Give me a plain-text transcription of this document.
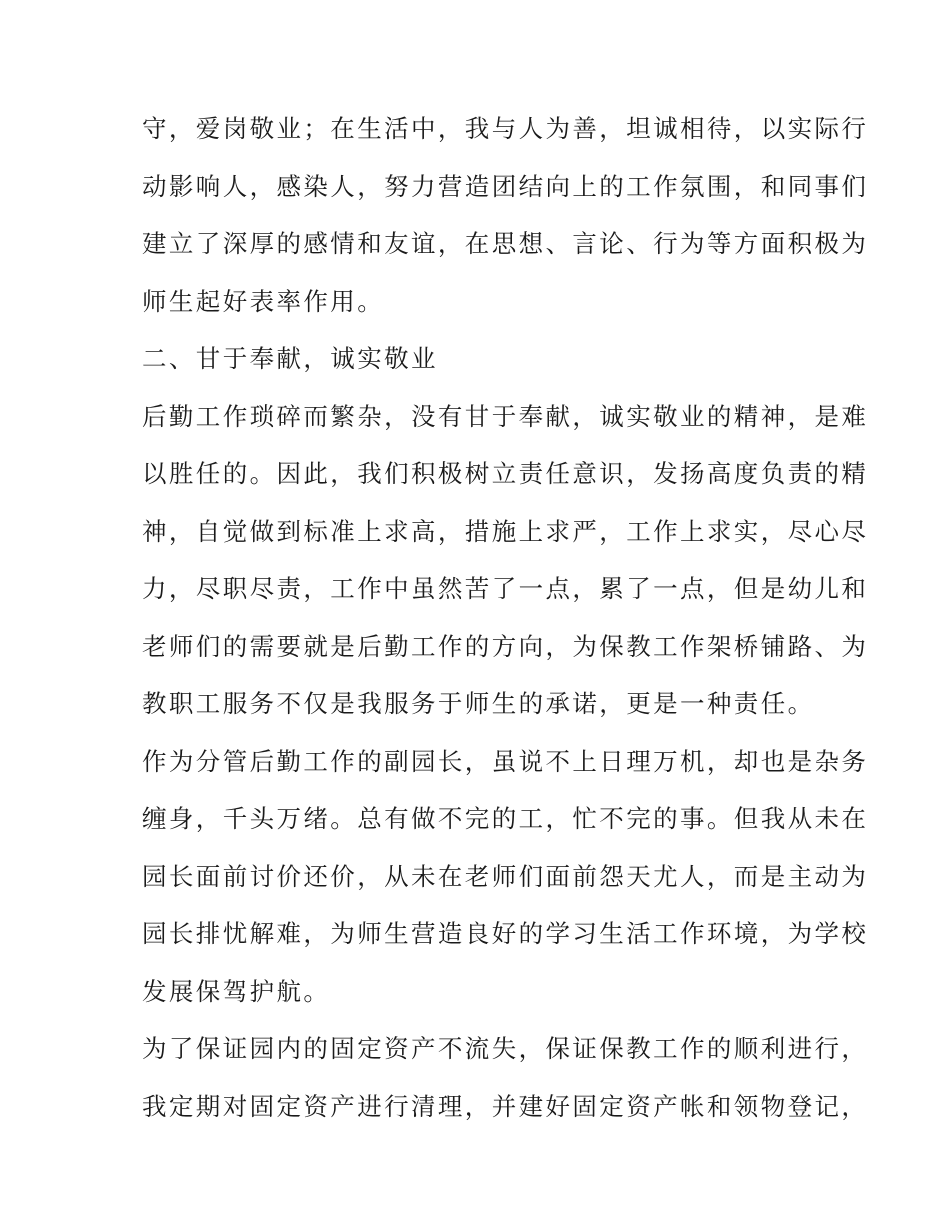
守，爱岗敬业；在生活中，我与人为善，坦诚相待，以实际行
动影响人，感染人，努力营造团结向上的工作氛围，和同事们
建立了深厚的感情和友谊，在思想、言论、行为等方面积极为
师生起好表率作用。
二、甘于奉献，诚实敬业
后勤工作琐碎而繁杂，没有甘于奉献，诚实敬业的精神，是难
以胜任的。因此，我们积极树立责任意识，发扬高度负责的精
神，自觉做到标准上求高，措施上求严，工作上求实，尽心尽
力，尽职尽责，工作中虽然苦了一点，累了一点，但是幼儿和
老师们的需要就是后勤工作的方向，为保教工作架桥铺路、为
教职工服务不仅是我服务于师生的承诺，更是一种责任。
作为分管后勤工作的副园长，虽说不上日理万机，却也是杂务
缠身，千头万绪。总有做不完的工，忙不完的事。但我从未在
园长面前讨价还价，从未在老师们面前怨天尤人，而是主动为
园长排忧解难，为师生营造良好的学习生活工作环境，为学校
发展保驾护航。
为了保证园内的固定资产不流失，保证保教工作的顺利进行，
我定期对固定资产进行清理，并建好固定资产帐和领物登记，
